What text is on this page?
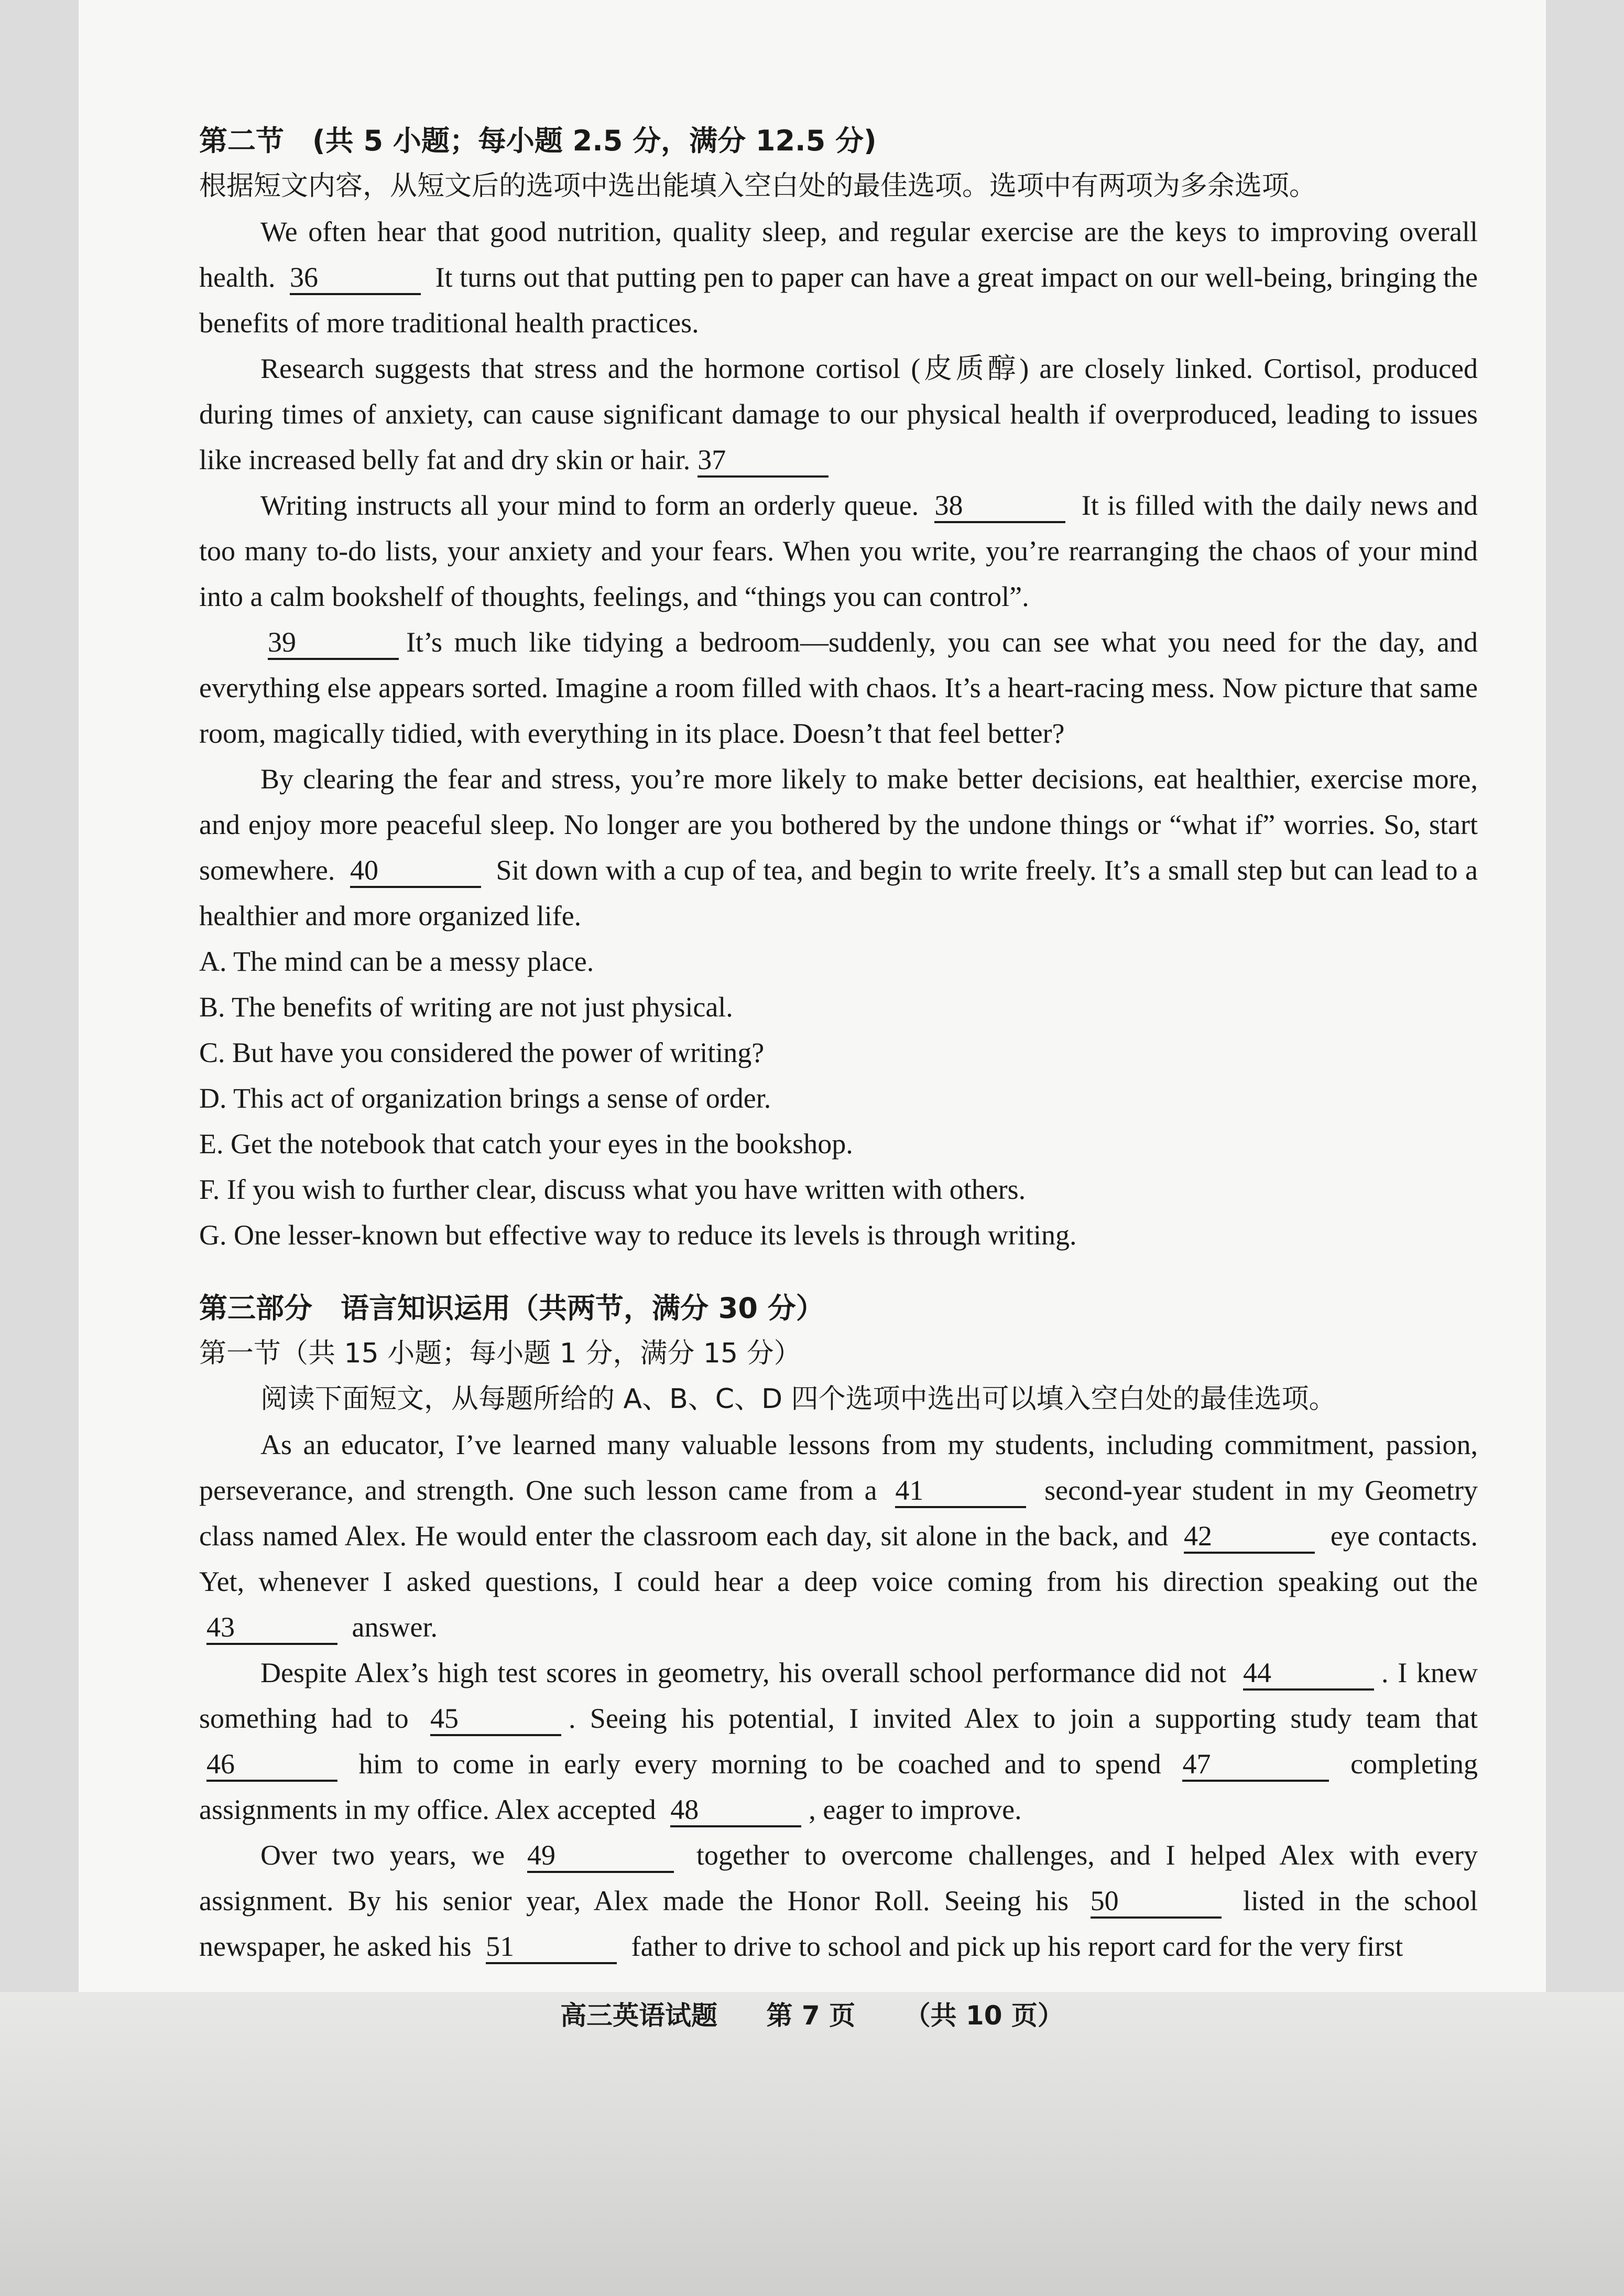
第二节　(共 5 小题；每小题 2.5 分，满分 12.5 分)

根据短文内容，从短文后的选项中选出能填入空白处的最佳选项。选项中有两项为多余选项。

We often hear that good nutrition, quality sleep, and regular exercise are the keys to improving overall health. 36	It turns out that putting pen to paper can have a great impact on our well-being, bringing the benefits of more traditional health practices.

Research suggests that stress and the hormone cortisol (皮质醇) are closely linked. Cortisol, produced during times of anxiety, can cause significant damage to our physical health if overproduced, leading to issues like increased belly fat and dry skin or hair. 37

Writing instructs all your mind to form an orderly queue. 38	It is filled with the daily news and too many to-do lists, your anxiety and your fears. When you write, you’re rearranging the chaos of your mind into a calm bookshelf of thoughts, feelings, and “things you can control”.

39	It’s much like tidying a bedroom—suddenly, you can see what you need for the day, and everything else appears sorted. Imagine a room filled with chaos. It’s a heart-racing mess. Now picture that same room, magically tidied, with everything in its place. Doesn’t that feel better?

By clearing the fear and stress, you’re more likely to make better decisions, eat healthier, exercise more, and enjoy more peaceful sleep. No longer are you bothered by the undone things or “what if” worries. So, start somewhere. 40	Sit down with a cup of tea, and begin to write freely. It’s a small step but can lead to a healthier and more organized life.

A. The mind can be a messy place.

B. The benefits of writing are not just physical.

C. But have you considered the power of writing?

D. This act of organization brings a sense of order.

E. Get the notebook that catch your eyes in the bookshop.

F. If you wish to further clear, discuss what you have written with others.

G. One lesser-known but effective way to reduce its levels is through writing.

第三部分　语言知识运用（共两节，满分 30 分）

第一节（共 15 小题；每小题 1 分，满分 15 分）

阅读下面短文，从每题所给的 A、B、C、D 四个选项中选出可以填入空白处的最佳选项。

As an educator, I’ve learned many valuable lessons from my students, including commitment, passion, perseverance, and strength. One such lesson came from a 41	second-year student in my Geometry class named Alex. He would enter the classroom each day, sit alone in the back, and 42	eye contacts. Yet, whenever I asked questions, I could hear a deep voice coming from his direction speaking out the 43	answer.

Despite Alex’s high test scores in geometry, his overall school performance did not 44	. I knew something had to 45	. Seeing his potential, I invited Alex to join a supporting study team that 46	him to come in early every morning to be coached and to spend 47	completing assignments in my office. Alex accepted 48	, eager to improve.

Over two years, we 49	together to overcome challenges, and I helped Alex with every assignment. By his senior year, Alex made the Honor Roll. Seeing his 50	listed in the school newspaper, he asked his 51	father to drive to school and pick up his report card for the very first

高三英语试题 第 7 页 （共 10 页）
